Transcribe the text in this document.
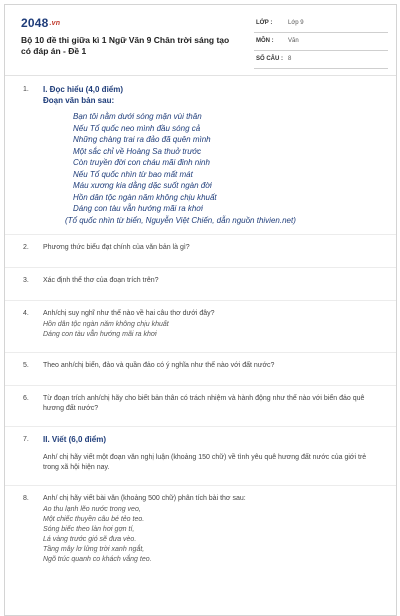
2048.vn
Bộ 10 đề thi giữa kì 1 Ngữ Văn 9 Chân trời sáng tạo có đáp án - Đề 1
LỚP :	Lớp 9
MÔN : Văn
SỐ CÂU : 8
1. I. Đọc hiểu (4,0 điểm)
Đoạn văn bản sau:
Bạn tôi nằm dưới sóng mặn vùi thân
Nếu Tổ quốc neo mình đầu sóng cả
Những chàng trai ra đảo đã quên mình
Một sắc chỉ về Hoàng Sa thuở trước
Còn truyền đời con cháu mãi đinh ninh
Nếu Tổ quốc nhìn từ bao mất mát
Máu xương kia dằng dặc suốt ngàn đời
Hồn dân tộc ngàn năm không chịu khuất
Dáng con tàu vẫn hướng mãi ra khơi
(Tổ quốc nhìn từ biển, Nguyễn Việt Chiến, dẫn nguồn thivien.net)
2. Phương thức biểu đạt chính của văn bản là gì?
3. Xác định thể thơ của đoạn trích trên?
4. Anh/chị suy nghĩ như thế nào về hai câu thơ dưới đây?
Hồn dân tộc ngàn năm không chịu khuất
Dáng con tàu vẫn hướng mãi ra khơi
5. Theo anh/chị biển, đảo và quần đảo có ý nghĩa như thế nào với đất nước?
6. Từ đoạn trích anh/chị hãy cho biết bản thân có trách nhiệm và hành động như thế nào với biển đảo quê hương đất nước?
7. II. Viết (6,0 điểm)
Anh/ chị hãy viết một đoạn văn nghị luận (khoảng 150 chữ) về tình yêu quê hương đất nước của giới trẻ trong xã hội hiện nay.
8. Anh/ chị hãy viết bài văn (khoảng 500 chữ) phân tích bài thơ sau:
Ao thu lạnh lẽo nước trong veo,
Một chiếc thuyền câu bé tẻo teo.
Sóng biếc theo làn hơi gợn tí,
Lá vàng trước gió sẽ đưa vèo.
Tầng mây lơ lửng trời xanh ngắt,
Ngõ trúc quanh co khách vắng teo.
